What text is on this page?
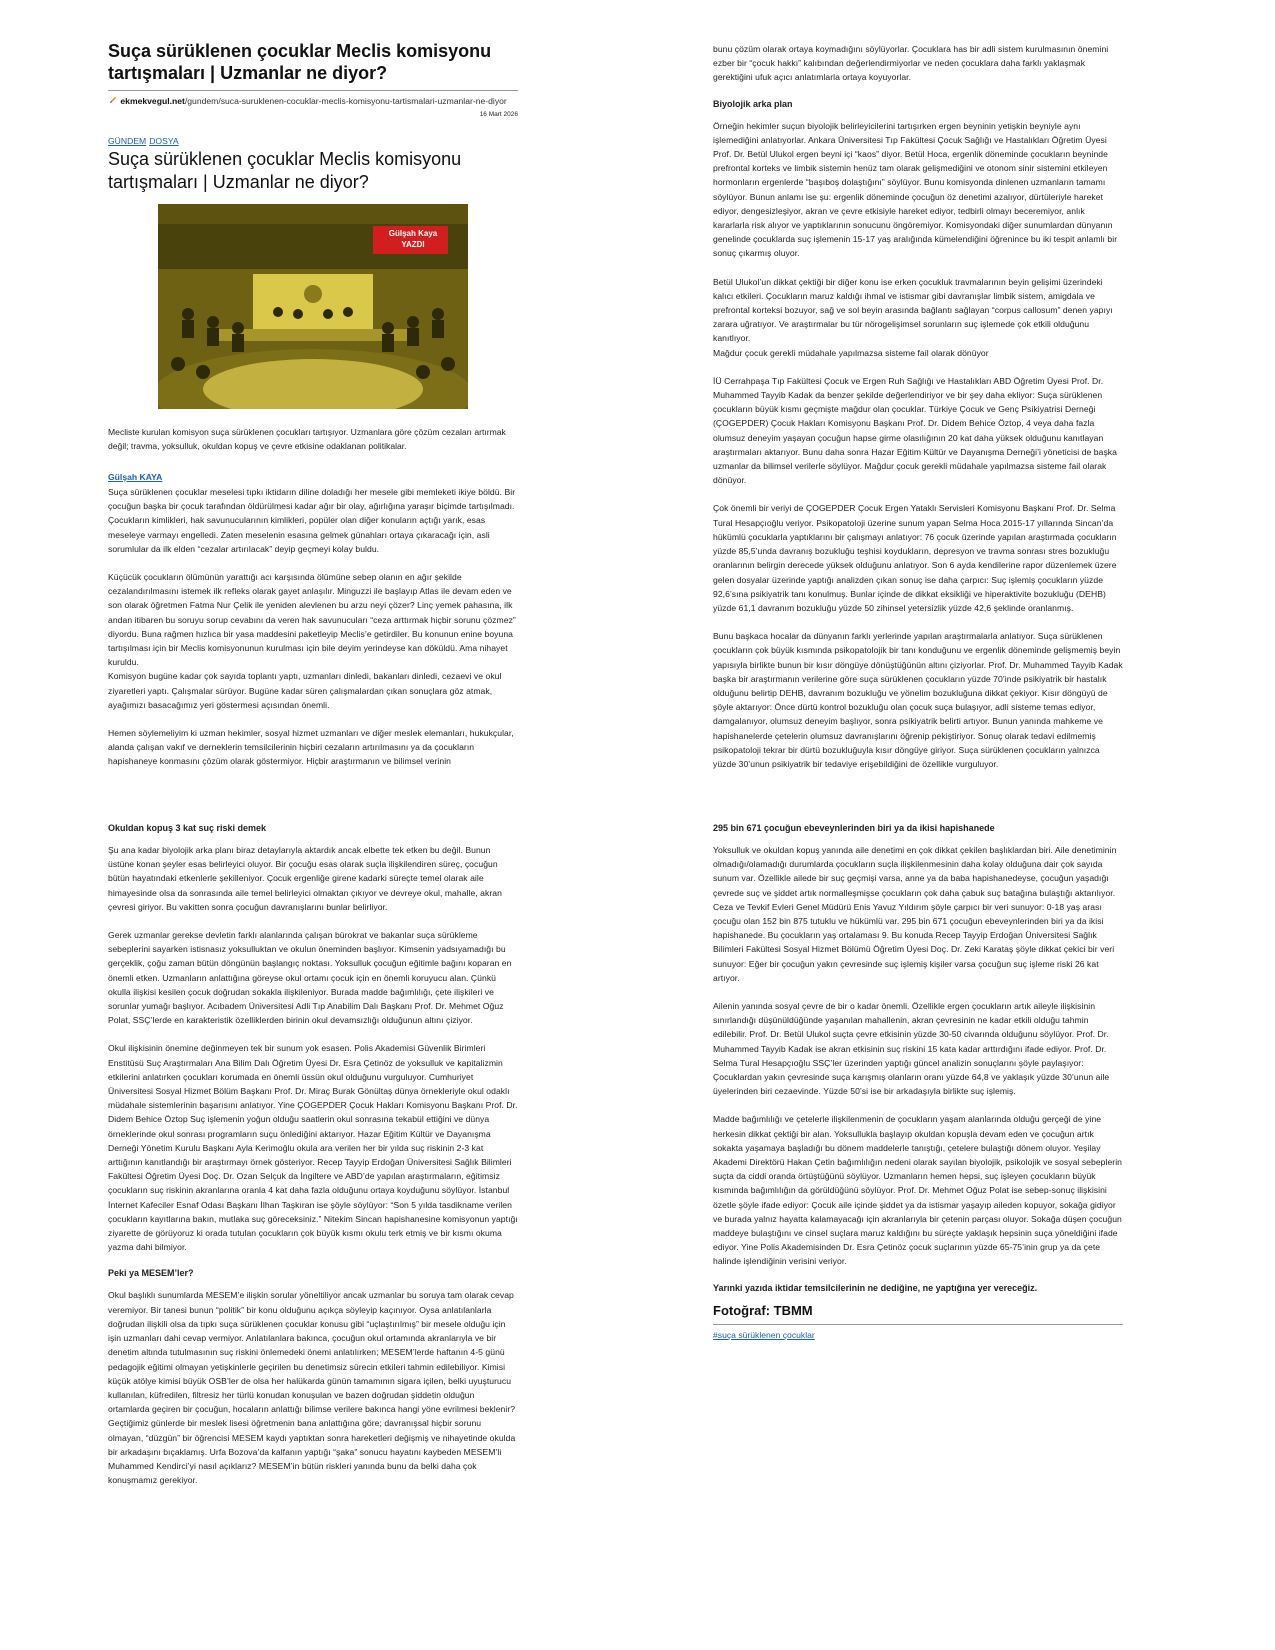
Suça sürüklenen çocuklar Meclis komisyonu tartışmaları | Uzmanlar ne diyor?
ekmekvegul.net/gundem/suca-suruklenen-cocuklar-meclis-komisyonu-tartismalari-uzmanlar-ne-diyor
16 Mart 2026
GÜNDEM DOSYA
Suça sürüklenen çocuklar Meclis komisyonu tartışmaları | Uzmanlar ne diyor?
Gülşah Kaya
YAZDI

Mecliste kurulan komisyon suça sürüklenen çocukları tartışıyor. Uzmanlara göre çözüm cezaları artırmak değil; travma, yoksulluk, okuldan kopuş ve çevre etkisine odaklanan politikalar.

Gülşah KAYA

Suça sürüklenen çocuklar meselesi tıpkı iktidarın diline doladığı her mesele gibi memleketi ikiye böldü. Bir çocuğun başka bir çocuk tarafından öldürülmesi kadar ağır bir olay, ağırlığına yaraşır biçimde tartışılmadı. Çocukların kimlikleri, hak savunucularının kimlikleri, popüler olan diğer konuların açtığı yarık, esas meseleye varmayı engelledi. Zaten meselenin esasına gelmek günahları ortaya çıkaracağı için, asli sorumlular da ilk elden “cezalar artırılacak” deyip geçmeyi kolay buldu.

Küçücük çocukların ölümünün yarattığı acı karşısında ölümüne sebep olanın en ağır şekilde cezalandırılmasını istemek ilk refleks olarak gayet anlaşılır. Minguzzi ile başlayıp Atlas ile devam eden ve son olarak öğretmen Fatma Nur Çelik ile yeniden alevlenen bu arzu neyi çözer? Linç yemek pahasına, ilk andan itibaren bu soruyu sorup cevabını da veren hak savunucuları “ceza arttırmak hiçbir sorunu çözmez” diyordu. Buna rağmen hızlıca bir yasa maddesini paketleyip Meclis’e getirdiler. Bu konunun enine boyuna tartışılması için bir Meclis komisyonunun kurulması için bile deyim yerindeyse kan döküldü. Ama nihayet kuruldu.

Komisyon bugüne kadar çok sayıda toplantı yaptı, uzmanları dinledi, bakanları dinledi, cezaevi ve okul ziyaretleri yaptı. Çalışmalar sürüyor. Bugüne kadar süren çalışmalardan çıkan sonuçlara göz atmak, ayağımızı basacağımız yeri göstermesi açısından önemli.

Hemen söylemeliyim ki uzman hekimler, sosyal hizmet uzmanları ve diğer meslek elemanları, hukukçular, alanda çalışan vakıf ve derneklerin temsilcilerinin hiçbiri cezaların artırılmasını ya da çocukların hapishaneye konmasını çözüm olarak göstermiyor. Hiçbir araştırmanın ve bilimsel verinin

bunu çözüm olarak ortaya koymadığını söylüyorlar. Çocuklara has bir adli sistem kurulmasının önemini ezber bir “çocuk hakkı” kalıbından değerlendirmiyorlar ve neden çocuklara daha farklı yaklaşmak gerektiğini ufuk açıcı anlatımlarla ortaya koyuyorlar.

Biyolojik arka plan

Örneğin hekimler suçun biyolojik belirleyicilerini tartışırken ergen beyninin yetişkin beyniyle aynı işlemediğini anlatıyorlar. Ankara Üniversitesi Tıp Fakültesi Çocuk Sağlığı ve Hastalıkları Öğretim Üyesi Prof. Dr. Betül Ulukol ergen beyni içi “kaos” diyor. Betül Hoca, ergenlik döneminde çocukların beyninde prefrontal korteks ve limbik sistemin henüz tam olarak gelişmediğini ve otonom sinir sistemini etkileyen hormonların ergenlerde “başıboş dolaştığını” söylüyor. Bunu komisyonda dinlenen uzmanların tamamı söylüyor. Bunun anlamı ise şu: ergenlik döneminde çocuğun öz denetimi azalıyor, dürtüleriyle hareket ediyor, dengesizleşiyor, akran ve çevre etkisiyle hareket ediyor, tedbirli olmayı beceremiyor, anlık kararlarla risk alıyor ve yaptıklarının sonucunu öngöremiyor. Komisyondaki diğer sunumlardan dünyanın genelinde çocuklarda suç işlemenin 15-17 yaş aralığında kümelendiğini öğrenince bu iki tespit anlamlı bir sonuç çıkarmış oluyor.

Betül Ulukol’un dikkat çektiği bir diğer konu ise erken çocukluk travmalarının beyin gelişimi üzerindeki kalıcı etkileri. Çocukların maruz kaldığı ihmal ve istismar gibi davranışlar limbik sistem, amigdala ve prefrontal korteksi bozuyor, sağ ve sol beyin arasında bağlantı sağlayan “corpus callosum” denen yapıyı zarara uğratıyor. Ve araştırmalar bu tür nörogelişimsel sorunların suç işlemede çok etkili olduğunu kanıtlıyor.

Mağdur çocuk gerekli müdahale yapılmazsa sisteme fail olarak dönüyor

İÜ Cerrahpaşa Tıp Fakültesi Çocuk ve Ergen Ruh Sağlığı ve Hastalıkları ABD Öğretim Üyesi Prof. Dr. Muhammed Tayyib Kadak da benzer şekilde değerlendiriyor ve bir şey daha ekliyor: Suça sürüklenen çocukların büyük kısmı geçmişte mağdur olan çocuklar. Türkiye Çocuk ve Genç Psikiyatrisi Derneği (ÇOGEPDER) Çocuk Hakları Komisyonu Başkanı Prof. Dr. Didem Behice Öztop, 4 veya daha fazla olumsuz deneyim yaşayan çocuğun hapse girme olasılığının 20 kat daha yüksek olduğunu kanıtlayan araştırmaları aktarıyor. Bunu daha sonra Hazar Eğitim Kültür ve Dayanışma Derneği’i yöneticisi de başka uzmanlar da bilimsel verilerle söylüyor. Mağdur çocuk gerekli müdahale yapılmazsa sisteme fail olarak dönüyor.

Çok önemli bir veriyi de ÇOGEPDER Çocuk Ergen Yataklı Servisleri Komisyonu Başkanı Prof. Dr. Selma Tural Hesapçıoğlu veriyor. Psikopatoloji üzerine sunum yapan Selma Hoca 2015-17 yıllarında Sincan’da hükümlü çocuklarla yaptıklarını bir çalışmayı anlatıyor: 76 çocuk üzerinde yapılan araştırmada çocukların yüzde 85,5’unda davranış bozukluğu teşhisi koydukların, depresyon ve travma sonrası stres bozukluğu oranlarının belirgin derecede yüksek olduğunu anlatıyor. Son 6 ayda kendilerine rapor düzenlemek üzere gelen dosyalar üzerinde yaptığı analizden çıkan sonuç ise daha çarpıcı: Suç işlemiş çocukların yüzde 92,6’sına psikiyatrik tanı konulmuş. Bunlar içinde de dikkat eksikliği ve hiperaktivite bozukluğu (DEHB) yüzde 61,1 davranım bozukluğu yüzde 50 zihinsel yetersizlik yüzde 42,6 şeklinde oranlanmış.

Bunu başkaca hocalar da dünyanın farklı yerlerinde yapılan araştırmalarla anlatıyor. Suça sürüklenen çocukların çok büyük kısmında psikopatolojik bir tanı konduğunu ve ergenlik döneminde gelişmemiş beyin yapısıyla birlikte bunun bir kısır döngüye dönüştüğünün altını çiziyorlar. Prof. Dr. Muhammed Tayyib Kadak başka bir araştırmanın verilerine göre suça sürüklenen çocukların yüzde 70’inde psikiyatrik bir hastalık olduğunu belirtip DEHB, davranım bozukluğu ve yönelim bozukluğuna dikkat çekiyor. Kısır döngüyü de şöyle aktarıyor: Önce dürtü kontrol bozukluğu olan çocuk suça bulaşıyor, adli sisteme temas ediyor, damgalanıyor, olumsuz deneyim başlıyor, sonra psikiyatrik belirti artıyor. Bunun yanında mahkeme ve hapishanelerde çetelerin olumsuz davranışlarını öğrenip pekiştiriyor. Sonuç olarak tedavi edilmemiş psikopatoloji tekrar bir dürtü bozukluğuyla kısır döngüye giriyor. Suça sürüklenen çocukların yalnızca yüzde 30’unun psikiyatrik bir tedaviye erişebildiğini de özellikle vurguluyor.

Okuldan kopuş 3 kat suç riski demek

Şu ana kadar biyolojik arka planı biraz detaylarıyla aktardık ancak elbette tek etken bu değil. Bunun üstüne konan şeyler esas belirleyici oluyor. Bir çocuğu esas olarak suçla ilişkilendiren süreç, çocuğun bütün hayatındaki etkenlerle şekilleniyor. Çocuk ergenliğe girene kadarki süreçte temel olarak aile himayesinde olsa da sonrasında aile temel belirleyici olmaktan çıkıyor ve devreye okul, mahalle, akran çevresi giriyor. Bu vakitten sonra çocuğun davranışlarını bunlar belirliyor.

Gerek uzmanlar gerekse devletin farklı alanlarında çalışan bürokrat ve bakanlar suça sürükleme sebeplerini sayarken istisnasız yoksulluktan ve okulun öneminden başlıyor. Kimsenin yadsıyamadığı bu gerçeklik, çoğu zaman bütün döngünün başlangıç noktası. Yoksulluk çocuğun eğitimle bağını koparan en önemli etken. Uzmanların anlattığına göreyse okul ortamı çocuk için en önemli koruyucu alan. Çünkü okulla ilişkisi kesilen çocuk doğrudan sokakla ilişkileniyor. Burada madde bağımlılığı, çete ilişkileri ve sorunlar yumağı başlıyor. Acıbadem Üniversitesi Adli Tıp Anabilim Dalı Başkanı Prof. Dr. Mehmet Oğuz Polat, SSÇ’lerde en karakteristik özelliklerden birinin okul devamsızlığı olduğunun altını çiziyor.

Okul ilişkisinin önemine değinmeyen tek bir sunum yok esasen. Polis Akademisi Güvenlik Birimleri Enstitüsü Suç Araştırmaları Ana Bilim Dalı Öğretim Üyesi Dr. Esra Çetinöz de yoksulluk ve kapitalizmin etkilerini anlatırken çocukları korumada en önemli üssün okul olduğunu vurguluyor. Cumhuriyet Üniversitesi Sosyal Hizmet Bölüm Başkanı Prof. Dr. Miraç Burak Gönültaş dünya örnekleriyle okul odaklı müdahale sistemlerinin başarısını anlatıyor. Yine ÇOGEPDER Çocuk Hakları Komisyonu Başkanı Prof. Dr. Didem Behice Öztop Suç işlemenin yoğun olduğu saatlerin okul sonrasına tekabül ettiğini ve dünya örneklerinde okul sonrası programların suçu önlediğini aktarıyor. Hazar Eğitim Kültür ve Dayanışma Derneği Yönetim Kurulu Başkanı Ayla Kerimoğlu okula ara verilen her bir yılda suç riskinin 2-3 kat arttığının kanıtlandığı bir araştırmayı örnek gösteriyor. Recep Tayyip Erdoğan Üniversitesi Sağlık Bilimleri Fakültesi Öğretim Üyesi Doç. Dr. Ozan Selçuk da İngiltere ve ABD’de yapılan araştırmaların, eğitimsiz çocukların suç riskinin akranlarına oranla 4 kat daha fazla olduğunu ortaya koyduğunu söylüyor. İstanbul İnternet Kafeciler Esnaf Odası Başkanı İlhan Taşkıran ise şöyle söylüyor: “Son 5 yılda tasdikname verilen çocukların kayıtlarına bakın, mutlaka suç göreceksiniz.” Nitekim Sincan hapishanesine komisyonun yaptığı ziyarette de görüyoruz ki orada tutulan çocukların çok büyük kısmı okulu terk etmiş ve bir kısmı okuma yazma dahi bilmiyor.

Peki ya MESEM’ler?

Okul başlıklı sunumlarda MESEM’e ilişkin sorular yöneltiliyor ancak uzmanlar bu soruya tam olarak cevap veremiyor. Bir tanesi bunun “politik” bir konu olduğunu açıkça söyleyip kaçınıyor. Oysa anlatılanlarla doğrudan ilişkili olsa da tıpkı suça sürüklenen çocuklar konusu gibi “uçlaştırılmış” bir mesele olduğu için işin uzmanları dahi cevap vermiyor. Anlatılanlara bakınca, çocuğun okul ortamında akranlarıyla ve bir denetim altında tutulmasının suç riskini önlemedeki önemi anlatılırken; MESEM’lerde haftanın 4-5 günü pedagojik eğitimi olmayan yetişkinlerle geçirilen bu denetimsiz sürecin etkileri tahmin edilebiliyor. Kimisi küçük atölye kimisi büyük OSB’ler de olsa her halükarda günün tamamının sigara içilen, belki uyuşturucu kullanılan, küfredilen, filtresiz her türlü konudan konuşulan ve bazen doğrudan şiddetin olduğun ortamlarda geçiren bir çocuğun, hocaların anlattığı bilimse verilere bakınca hangi yöne evrilmesi beklenir? Geçtiğimiz günlerde bir meslek lisesi öğretmenin bana anlattığına göre; davranışsal hiçbir sorunu olmayan, “düzgün” bir öğrencisi MESEM kaydı yaptıktan sonra hareketleri değişmiş ve nihayetinde okulda bir arkadaşını bıçaklamış. Urfa Bozova’da kalfanın yaptığı “şaka” sonucu hayatını kaybeden MESEM’li Muhammed Kendirci’yi nasıl açıklarız? MESEM’in bütün riskleri yanında bunu da belki daha çok konuşmamız gerekiyor.

295 bin 671 çocuğun ebeveynlerinden biri ya da ikisi hapishanede

Yoksulluk ve okuldan kopuş yanında aile denetimi en çok dikkat çekilen başlıklardan biri. Aile denetiminin olmadığı/olamadığı durumlarda çocukların suçla ilişkilenmesinin daha kolay olduğuna dair çok sayıda sunum var. Özellikle ailede bir suç geçmişi varsa, anne ya da baba hapishanedeyse, çocuğun yaşadığı çevrede suç ve şiddet artık normalleşmişse çocukların çok daha çabuk suç batağına bulaştığı aktarılıyor. Ceza ve Tevkif Evleri Genel Müdürü Enis Yavuz Yıldırım şöyle çarpıcı bir veri sunuyor: 0-18 yaş arası çocuğu olan 152 bin 875 tutuklu ve hükümlü var. 295 bin 671 çocuğun ebeveynlerinden biri ya da ikisi hapishanede. Bu çocukların yaş ortalaması 9. Bu konuda Recep Tayyip Erdoğan Üniversitesi Sağlık Bilimleri Fakültesi Sosyal Hizmet Bölümü Öğretim Üyesi Doç. Dr. Zeki Karataş şöyle dikkat çekici bir veri sunuyor: Eğer bir çocuğun yakın çevresinde suç işlemiş kişiler varsa çocuğun suç işleme riski 26 kat artıyor.

Ailenin yanında sosyal çevre de bir o kadar önemli. Özellikle ergen çocukların artık aileyle ilişkisinin sınırlandığı düşünüldüğünde yaşanılan mahallenin, akran çevresinin ne kadar etkili olduğu tahmin edilebilir. Prof. Dr. Betül Ulukol suçta çevre etkisinin yüzde 30-50 civarında olduğunu söylüyor. Prof. Dr. Muhammed Tayyib Kadak ise akran etkisinin suç riskini 15 kata kadar arttırdığını ifade ediyor. Prof. Dr. Selma Tural Hesapçıoğlu SSÇ’ler üzerinden yaptığı güncel analizin sonuçlarını şöyle paylaşıyor: Çocuklardan yakın çevresinde suça karışmış olanların oranı yüzde 64,8 ve yaklaşık yüzde 30’unun aile üyelerinden biri cezaevinde. Yüzde 50’si ise bir arkadaşıyla birlikte suç işlemiş.

Madde bağımlılığı ve çetelerle ilişkilenmenin de çocukların yaşam alanlarında olduğu gerçeği de yine herkesin dikkat çektiği bir alan. Yoksullukla başlayıp okuldan kopuşla devam eden ve çocuğun artık sokakta yaşamaya başladığı bu dönem maddelerle tanıştığı, çetelere bulaştığı dönem oluyor. Yeşilay Akademi Direktörü Hakan Çetin bağımlılığın nedeni olarak sayılan biyolojik, psikolojik ve sosyal sebeplerin suçta da ciddi oranda örtüştüğünü söylüyor. Uzmanların hemen hepsi, suç işleyen çocukların büyük kısmında bağımlılığın da görüldüğünü söylüyor. Prof. Dr. Mehmet Oğuz Polat ise sebep-sonuç ilişkisini özetle şöyle ifade ediyor: Çocuk aile içinde şiddet ya da istismar yaşayıp aileden kopuyor, sokağa gidiyor ve burada yalnız hayatta kalamayacağı için akranlarıyla bir çetenin parçası oluyor. Sokağa düşen çocuğun maddeye bulaştığını ve cinsel suçlara maruz kaldığını bu süreçte yaklaşık hepsinin suça yöneldiğini ifade ediyor. Yine Polis Akademisinden Dr. Esra Çetinöz çocuk suçlarının yüzde 65-75’inin grup ya da çete halinde işlendiğinin verisini veriyor.

Yarınki yazıda iktidar temsilcilerinin ne dediğine, ne yaptığına yer vereceğiz.

Fotoğraf: TBMM
#suça sürüklenen çocuklar
